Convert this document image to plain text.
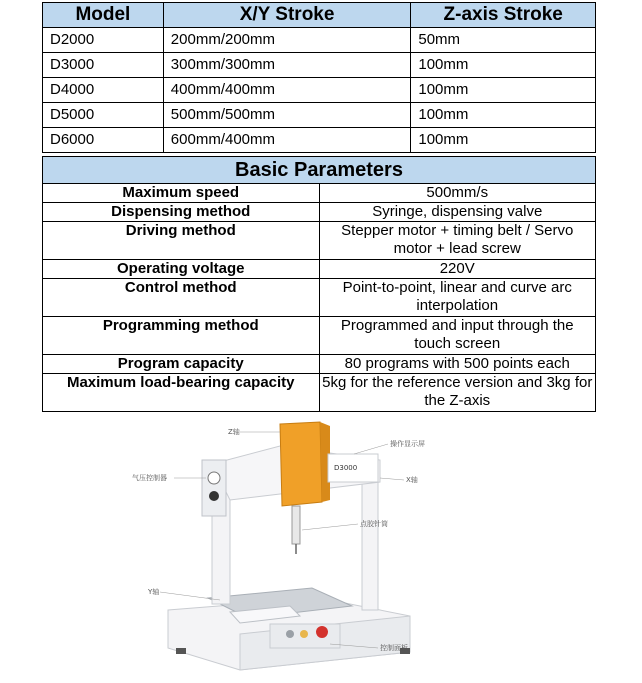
Model	X/Y Stroke	Z-axis Stroke
D2000	200mm/200mm	50mm
D3000	300mm/300mm	100mm
D4000	400mm/400mm	100mm
D5000	500mm/500mm	100mm
D6000	600mm/400mm	100mm
Basic Parameters	
Maximum speed	500mm/s
Dispensing method	Syringe, dispensing valve
Driving method	Stepper motor + timing belt / Servo motor + lead screw
Operating voltage	220V
Control method	Point-to-point, linear and curve arc interpolation
Programming method	Programmed and input through the touch screen
Program capacity	80 programs with 500 points each
Maximum load-bearing capacity	5kg for the reference version and 3kg for the Z-axis
D3000
Z轴
操作显示屏
气压控制器	X轴
点胶针筒
Y轴
控制面板
